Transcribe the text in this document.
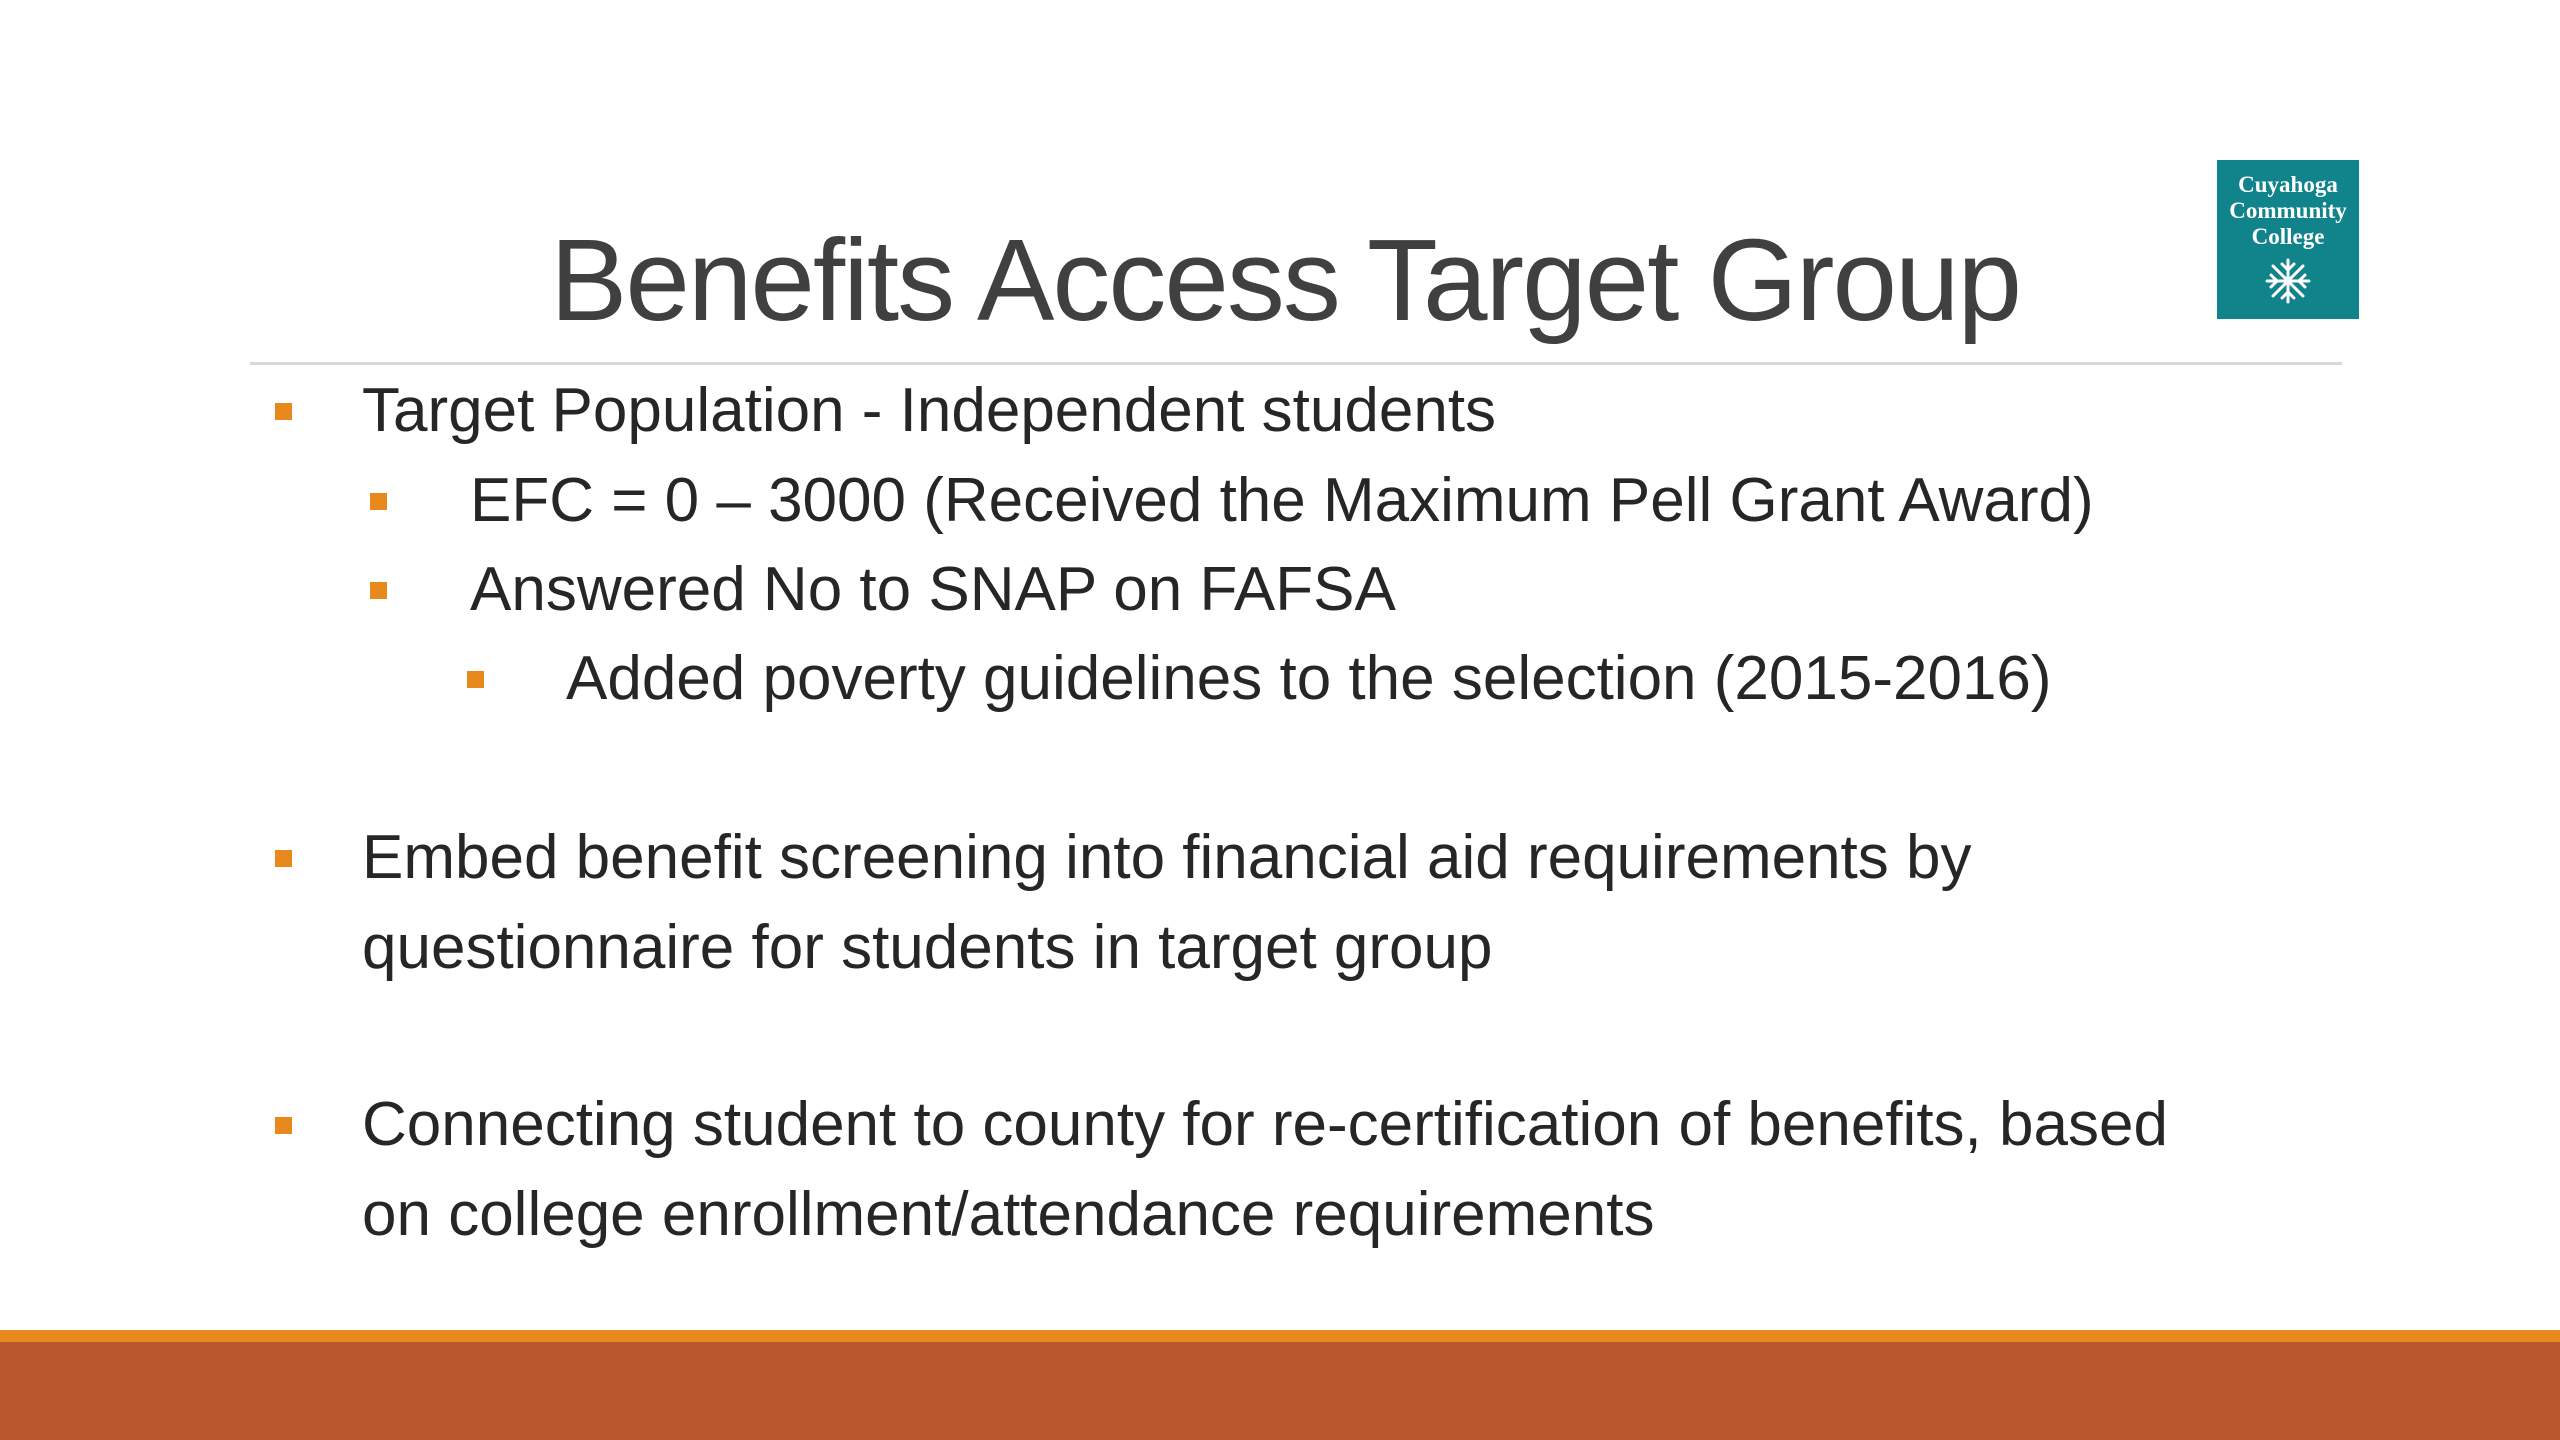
Benefits Access Target Group
Cuyahoga
Community
College
Target Population - Independent students
EFC = 0 – 3000 (Received the Maximum Pell Grant Award)
Answered No to SNAP on FAFSA
Added poverty guidelines to the selection (2015-2016)
Embed benefit screening into financial aid requirements by
questionnaire for students in target group
Connecting student to county for re-certification of benefits, based
on college enrollment/attendance requirements
